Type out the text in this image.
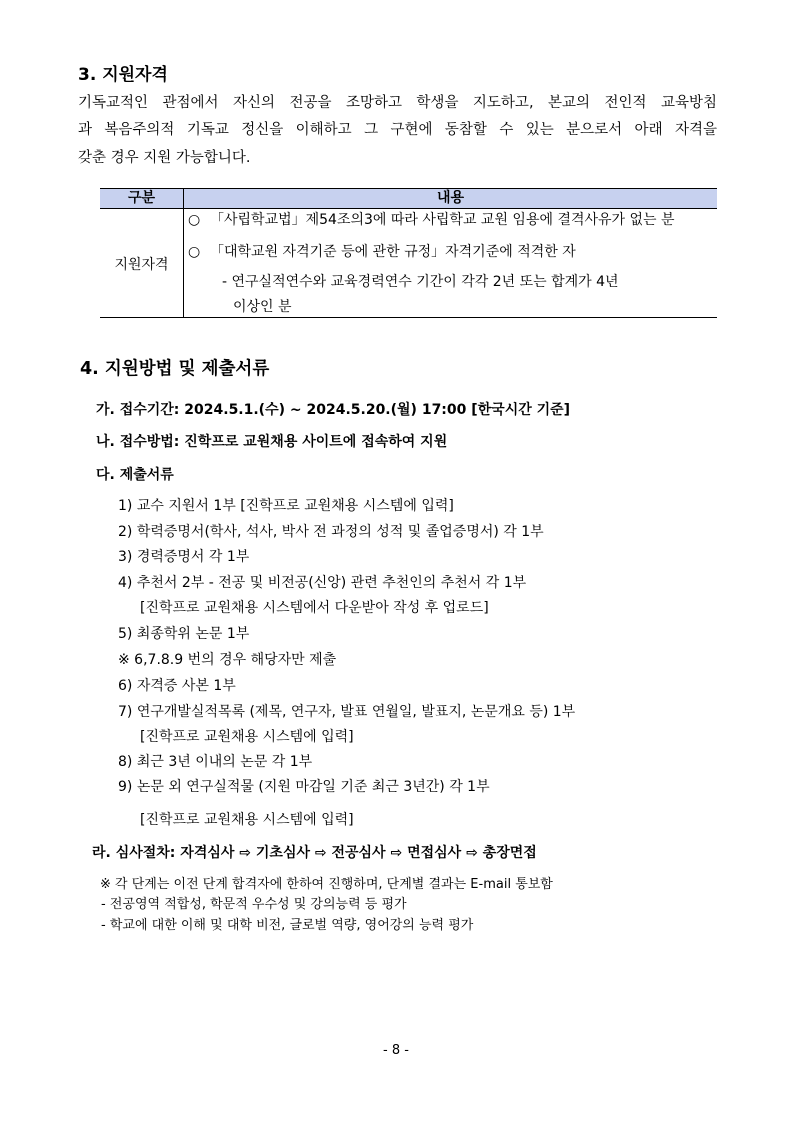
3. 지원자격
기독교적인 관점에서 자신의 전공을 조망하고 학생을 지도하고, 본교의 전인적 교육방침
과 복음주의적 기독교 정신을 이해하고 그 구현에 동참할 수 있는 분으로서 아래 자격을
갖춘 경우 지원 가능합니다.
구분	내용
지원자격
○ 「사립학교법」제54조의3에 따라 사립학교 교원 임용에 결격사유가 없는 분
○ 「대학교원 자격기준 등에 관한 규정」자격기준에 적격한 자
- 연구실적연수와 교육경력연수 기간이 각각 2년 또는 합계가 4년
이상인 분
4. 지원방법 및 제출서류
가. 접수기간: 2024.5.1.(수) ~ 2024.5.20.(월) 17:00 [한국시간 기준]
나. 접수방법: 진학프로 교원채용 사이트에 접속하여 지원
다. 제출서류
1) 교수 지원서 1부 [진학프로 교원채용 시스템에 입력]
2) 학력증명서(학사, 석사, 박사 전 과정의 성적 및 졸업증명서) 각 1부
3) 경력증명서 각 1부
4) 추천서 2부 - 전공 및 비전공(신앙) 관련 추천인의 추천서 각 1부
[진학프로 교원채용 시스템에서 다운받아 작성 후 업로드]
5) 최종학위 논문 1부
※ 6,7.8.9 번의 경우 해당자만 제출
6) 자격증 사본 1부
7) 연구개발실적목록 (제목, 연구자, 발표 연월일, 발표지, 논문개요 등) 1부
[진학프로 교원채용 시스템에 입력]
8) 최근 3년 이내의 논문 각 1부
9) 논문 외 연구실적물 (지원 마감일 기준 최근 3년간) 각 1부
[진학프로 교원채용 시스템에 입력]
라. 심사절차: 자격심사 ⇨ 기초심사 ⇨ 전공심사 ⇨ 면접심사 ⇨ 총장면접
※ 각 단계는 이전 단계 합격자에 한하여 진행하며, 단계별 결과는 E-mail 통보함
- 전공영역 적합성, 학문적 우수성 및 강의능력 등 평가
- 학교에 대한 이해 및 대학 비전, 글로벌 역량, 영어강의 능력 평가
- 8 -
